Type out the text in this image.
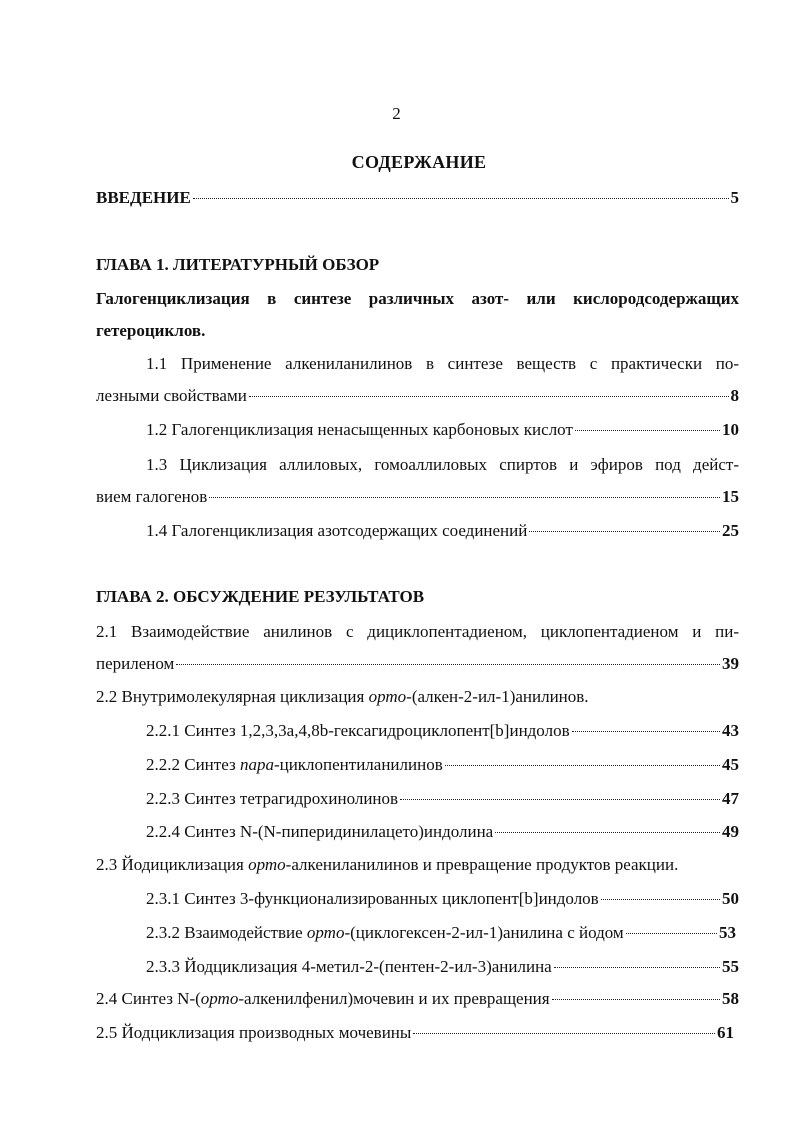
2
СОДЕРЖАНИЕ
ВВЕДЕНИЕ	5
ГЛАВА 1. ЛИТЕРАТУРНЫЙ ОБЗОР
Галогенциклизация в синтезе различных азот- или кислородсодержащих
гетероциклов.
1.1 Применение алкениланилинов в синтезе веществ с практически по-
лезными свойствами	8
1.2 Галогенциклизация ненасыщенных карбоновых кислот	10
1.3 Циклизация аллиловых, гомоаллиловых спиртов и эфиров под дейст-
вием галогенов	15
1.4 Галогенциклизация азотсодержащих соединений	25
ГЛАВА 2. ОБСУЖДЕНИЕ РЕЗУЛЬТАТОВ
2.1 Взаимодействие анилинов с дициклопентадиеном, циклопентадиеном и пи-
периленом	39
2.2 Внутримолекулярная циклизация орто-(алкен-2-ил-1)анилинов.
2.2.1 Синтез 1,2,3,3a,4,8b-гексагидроциклопент[b]индолов	43
2.2.2 Синтез пара-циклопентиланилинов	45
2.2.3 Синтез тетрагидрохинолинов	47
2.2.4 Синтез N-(N-пиперидинилацето)индолина	49
2.3 Йодициклизация орто-алкениланилинов и превращение продуктов реакции.
2.3.1 Синтез 3-функционализированных циклопент[b]индолов	50
2.3.2 Взаимодействие орто-(циклогексен-2-ил-1)анилина с йодом	53
2.3.3 Йодциклизация 4-метил-2-(пентен-2-ил-3)анилина	55
2.4 Синтез N-(орто-алкенилфенил)мочевин и их превращения	58
2.5 Йодциклизация производных мочевины	61
